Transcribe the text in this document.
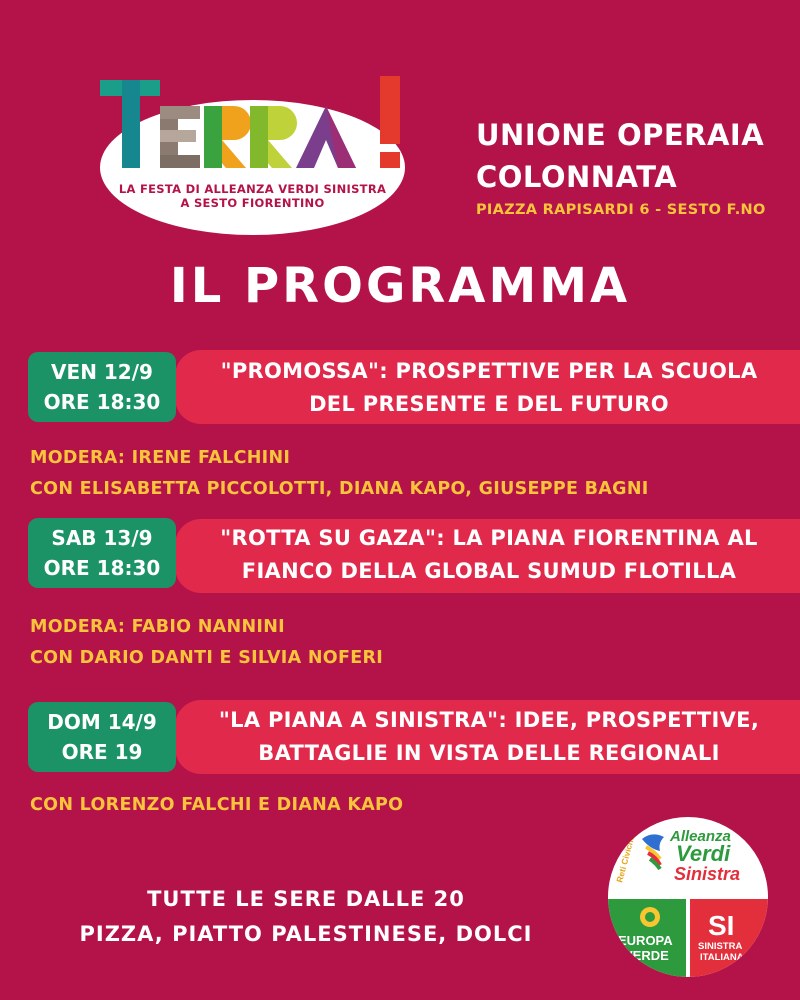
LA FESTA DI ALLEANZA VERDI SINISTRA
A SESTO FIORENTINO
UNIONE OPERAIA
COLONNATA
PIAZZA RAPISARDI 6 - SESTO F.NO
IL PROGRAMMA
VEN 12/9
ORE 18:30
"PROMOSSA": PROSPETTIVE PER LA SCUOLA
DEL PRESENTE E DEL FUTURO
MODERA: IRENE FALCHINI
CON ELISABETTA PICCOLOTTI, DIANA KAPO, GIUSEPPE BAGNI
SAB 13/9
ORE 18:30
"ROTTA SU GAZA": LA PIANA FIORENTINA AL
FIANCO DELLA GLOBAL SUMUD FLOTILLA
MODERA: FABIO NANNINI
CON DARIO DANTI E SILVIA NOFERI
DOM 14/9
ORE 19
"LA PIANA A SINISTRA": IDEE, PROSPETTIVE,
BATTAGLIE IN VISTA DELLE REGIONALI
CON LORENZO FALCHI E DIANA KAPO
TUTTE LE SERE DALLE 20
PIZZA, PIATTO PALESTINESE, DOLCI
Reti Civiche Alleanza
Verdi
Sinistra
EUROPA
VERDE
SI
SINISTRA
ITALIANA
